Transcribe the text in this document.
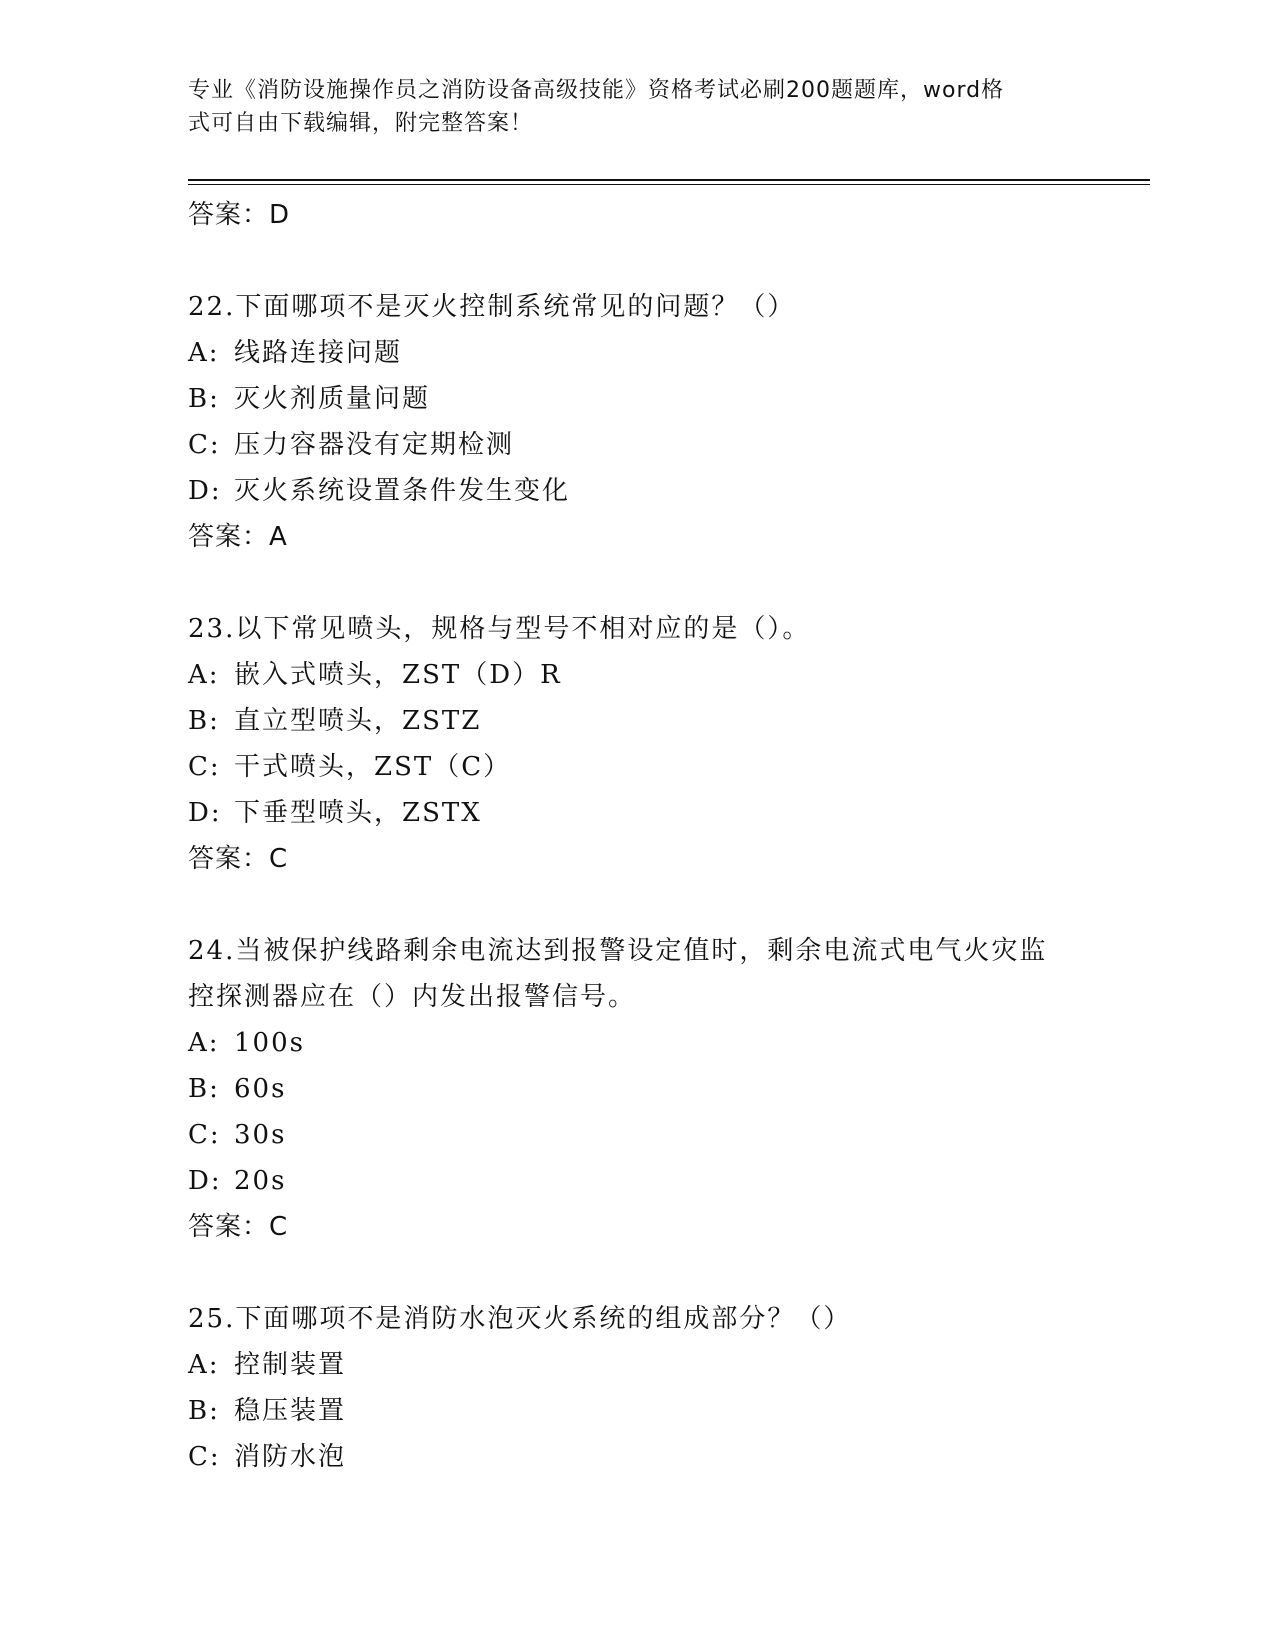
专业《消防设施操作员之消防设备高级技能》资格考试必刷200题题库，word格
式可自由下载编辑，附完整答案！
答案：D
22.下面哪项不是灭火控制系统常见的问题？（）
A: 线路连接问题
B: 灭火剂质量问题
C: 压力容器没有定期检测
D: 灭火系统设置条件发生变化
答案：A
23.以下常见喷头，规格与型号不相对应的是（）。
A: 嵌入式喷头，ZST（D）R
B: 直立型喷头，ZSTZ
C: 干式喷头，ZST（C）
D: 下垂型喷头，ZSTX
答案：C
24.当被保护线路剩余电流达到报警设定值时，剩余电流式电气火灾监
控探测器应在（）内发出报警信号。
A: 100s
B: 60s
C: 30s
D: 20s
答案：C
25.下面哪项不是消防水泡灭火系统的组成部分？（）
A: 控制装置
B: 稳压装置
C: 消防水泡
